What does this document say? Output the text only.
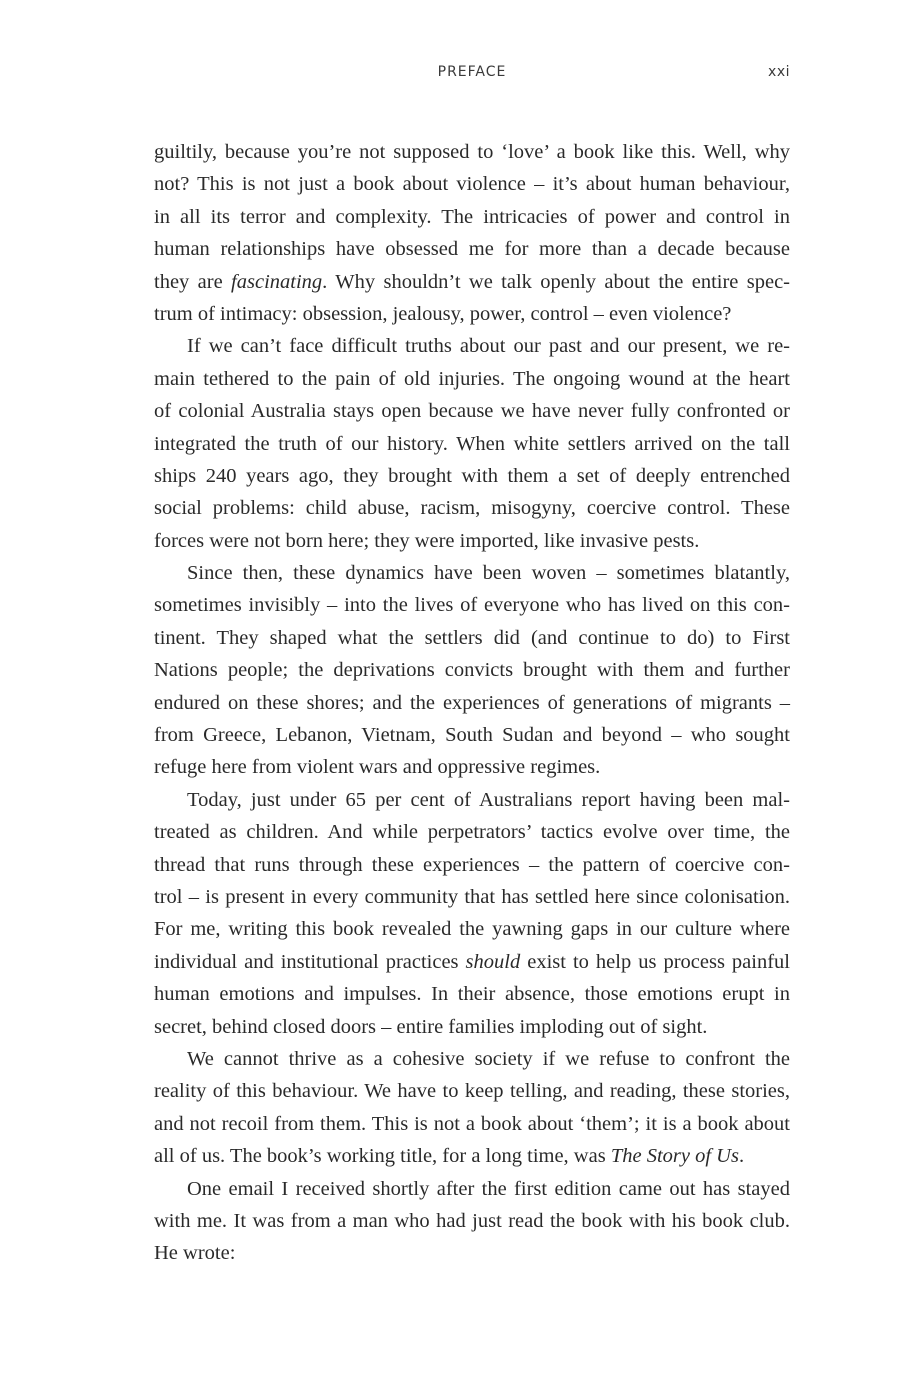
PREFACE	xxi
guiltily, because you’re not supposed to ‘love’ a book like this. Well, why
not? This is not just a book about violence – it’s about human behaviour,
in all its terror and complexity. The intricacies of power and control in
human relationships have obsessed me for more than a decade because
they are fascinating. Why shouldn’t we talk openly about the entire spec-
trum of intimacy: obsession, jealousy, power, control – even violence?
If we can’t face difficult truths about our past and our present, we re-
main tethered to the pain of old injuries. The ongoing wound at the heart
of colonial Australia stays open because we have never fully confronted or
integrated the truth of our history. When white settlers arrived on the tall
ships 240 years ago, they brought with them a set of deeply entrenched
social problems: child abuse, racism, misogyny, coercive control. These
forces were not born here; they were imported, like invasive pests.
Since then, these dynamics have been woven – sometimes blatantly,
sometimes invisibly – into the lives of everyone who has lived on this con-
tinent. They shaped what the settlers did (and continue to do) to First
Nations people; the deprivations convicts brought with them and further
endured on these shores; and the experiences of generations of migrants –
from Greece, Lebanon, Vietnam, South Sudan and beyond – who sought
refuge here from violent wars and oppressive regimes.
Today, just under 65 per cent of Australians report having been mal-
treated as children. And while perpetrators’ tactics evolve over time, the
thread that runs through these experiences – the pattern of coercive con-
trol – is present in every community that has settled here since colonisation.
For me, writing this book revealed the yawning gaps in our culture where
individual and institutional practices should exist to help us process painful
human emotions and impulses. In their absence, those emotions erupt in
secret, behind closed doors – entire families imploding out of sight.
We cannot thrive as a cohesive society if we refuse to confront the
reality of this behaviour. We have to keep telling, and reading, these stories,
and not recoil from them. This is not a book about ‘them’; it is a book about
all of us. The book’s working title, for a long time, was The Story of Us.
One email I received shortly after the first edition came out has stayed
with me. It was from a man who had just read the book with his book club.
He wrote:
